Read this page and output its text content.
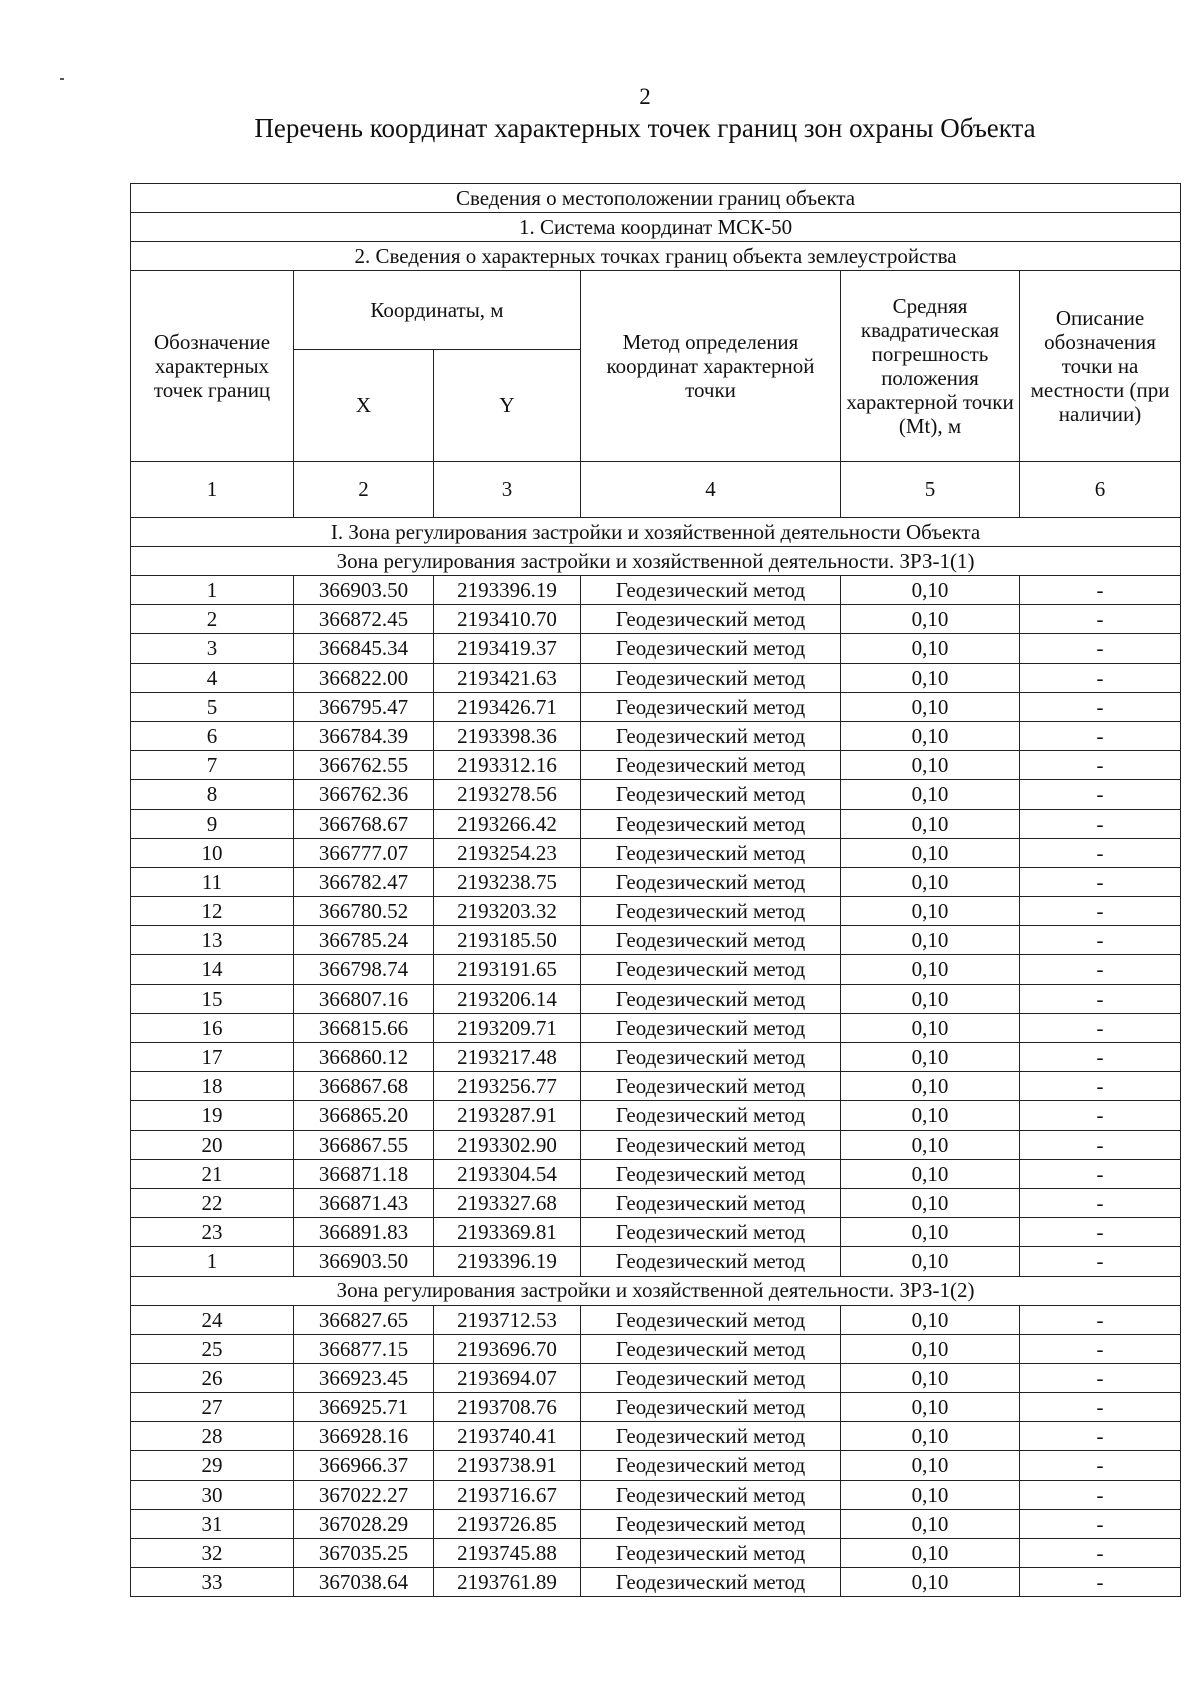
2
Перечень координат характерных точек границ зон охраны Объекта
Сведения о местоположении границ объекта					
1. Система координат МСК-50					
2. Сведения о характерных точках границ объекта землеустройства					
Обозначение характерных точек границ	Координаты, м		Метод определения координат характерной точки	Средняя квадратическая погрешность положения характерной точки (Mt), м	Описание обозначения точки на местности (при наличии)
	X	Y			
1	2	3	4	5	6
I. Зона регулирования застройки и хозяйственной деятельности Объекта					
Зона регулирования застройки и хозяйственной деятельности. ЗРЗ-1(1)					
1	366903.50	2193396.19	Геодезический метод	0,10	-
2	366872.45	2193410.70	Геодезический метод	0,10	-
3	366845.34	2193419.37	Геодезический метод	0,10	-
4	366822.00	2193421.63	Геодезический метод	0,10	-
5	366795.47	2193426.71	Геодезический метод	0,10	-
6	366784.39	2193398.36	Геодезический метод	0,10	-
7	366762.55	2193312.16	Геодезический метод	0,10	-
8	366762.36	2193278.56	Геодезический метод	0,10	-
9	366768.67	2193266.42	Геодезический метод	0,10	-
10	366777.07	2193254.23	Геодезический метод	0,10	-
11	366782.47	2193238.75	Геодезический метод	0,10	-
12	366780.52	2193203.32	Геодезический метод	0,10	-
13	366785.24	2193185.50	Геодезический метод	0,10	-
14	366798.74	2193191.65	Геодезический метод	0,10	-
15	366807.16	2193206.14	Геодезический метод	0,10	-
16	366815.66	2193209.71	Геодезический метод	0,10	-
17	366860.12	2193217.48	Геодезический метод	0,10	-
18	366867.68	2193256.77	Геодезический метод	0,10	-
19	366865.20	2193287.91	Геодезический метод	0,10	-
20	366867.55	2193302.90	Геодезический метод	0,10	-
21	366871.18	2193304.54	Геодезический метод	0,10	-
22	366871.43	2193327.68	Геодезический метод	0,10	-
23	366891.83	2193369.81	Геодезический метод	0,10	-
1	366903.50	2193396.19	Геодезический метод	0,10	-
Зона регулирования застройки и хозяйственной деятельности. ЗРЗ-1(2)					
24	366827.65	2193712.53	Геодезический метод	0,10	-
25	366877.15	2193696.70	Геодезический метод	0,10	-
26	366923.45	2193694.07	Геодезический метод	0,10	-
27	366925.71	2193708.76	Геодезический метод	0,10	-
28	366928.16	2193740.41	Геодезический метод	0,10	-
29	366966.37	2193738.91	Геодезический метод	0,10	-
30	367022.27	2193716.67	Геодезический метод	0,10	-
31	367028.29	2193726.85	Геодезический метод	0,10	-
32	367035.25	2193745.88	Геодезический метод	0,10	-
33	367038.64	2193761.89	Геодезический метод	0,10	-
